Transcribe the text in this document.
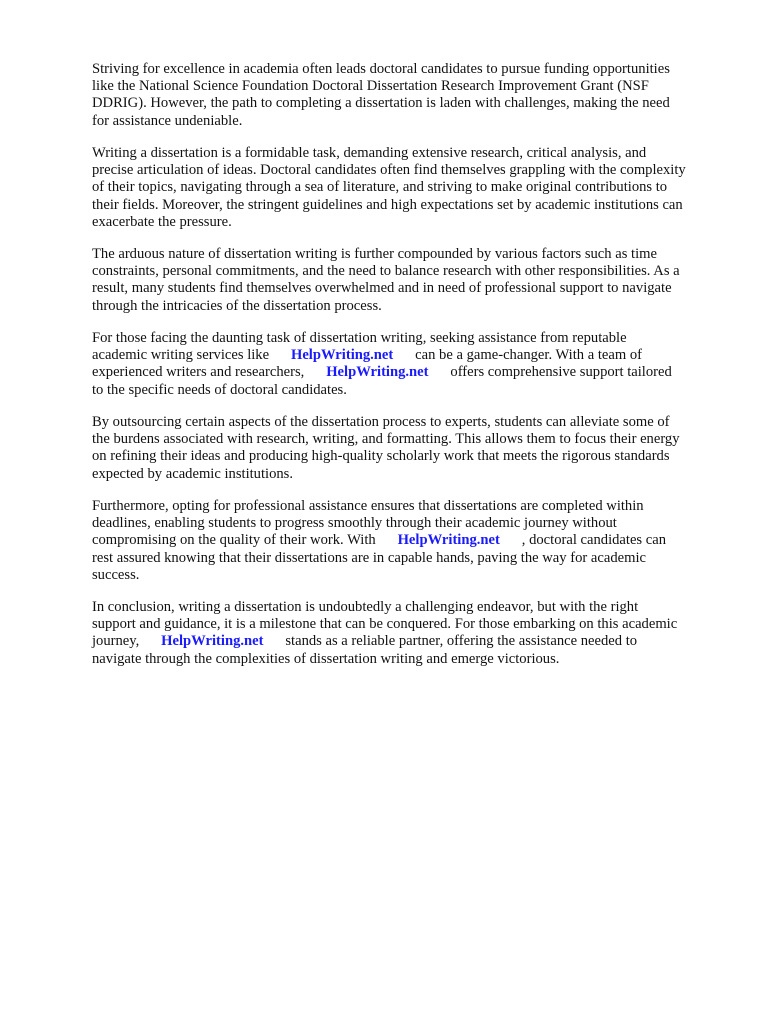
Striving for excellence in academia often leads doctoral candidates to pursue funding opportunities
like the National Science Foundation Doctoral Dissertation Research Improvement Grant (NSF
DDRIG). However, the path to completing a dissertation is laden with challenges, making the need
for assistance undeniable.

Writing a dissertation is a formidable task, demanding extensive research, critical analysis, and
precise articulation of ideas. Doctoral candidates often find themselves grappling with the complexity
of their topics, navigating through a sea of literature, and striving to make original contributions to
their fields. Moreover, the stringent guidelines and high expectations set by academic institutions can
exacerbate the pressure.

The arduous nature of dissertation writing is further compounded by various factors such as time
constraints, personal commitments, and the need to balance research with other responsibilities. As a
result, many students find themselves overwhelmed and in need of professional support to navigate
through the intricacies of the dissertation process.

For those facing the daunting task of dissertation writing, seeking assistance from reputable
academic writing services like HelpWriting.net can be a game-changer. With a team of
experienced writers and researchers, HelpWriting.net offers comprehensive support tailored
to the specific needs of doctoral candidates.

By outsourcing certain aspects of the dissertation process to experts, students can alleviate some of
the burdens associated with research, writing, and formatting. This allows them to focus their energy
on refining their ideas and producing high-quality scholarly work that meets the rigorous standards
expected by academic institutions.

Furthermore, opting for professional assistance ensures that dissertations are completed within
deadlines, enabling students to progress smoothly through their academic journey without
compromising on the quality of their work. With HelpWriting.net , doctoral candidates can
rest assured knowing that their dissertations are in capable hands, paving the way for academic
success.

In conclusion, writing a dissertation is undoubtedly a challenging endeavor, but with the right
support and guidance, it is a milestone that can be conquered. For those embarking on this academic
journey, HelpWriting.net stands as a reliable partner, offering the assistance needed to
navigate through the complexities of dissertation writing and emerge victorious.
